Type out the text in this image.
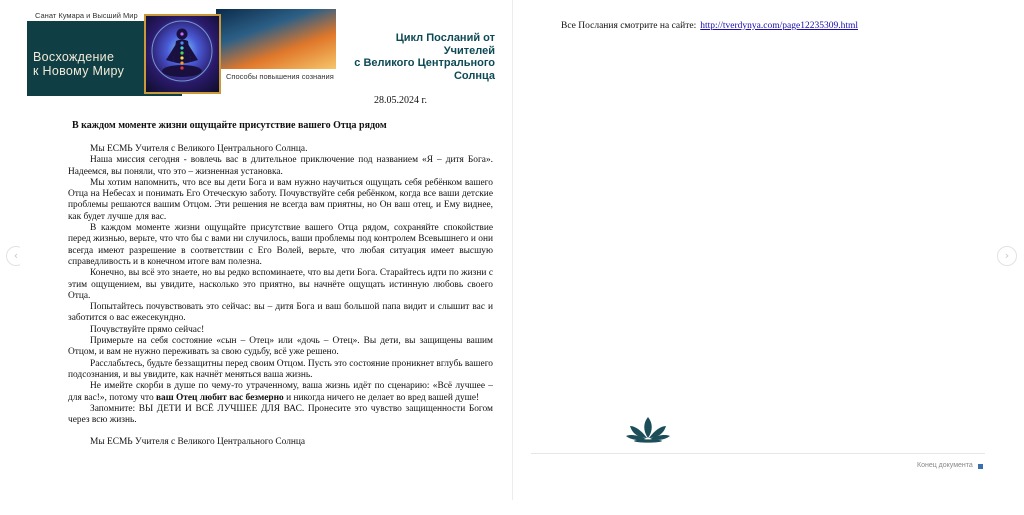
‹	›
Санат Кумара и Высший Мир
Восхождение
к Новому Миру	Способы повышения сознания
Цикл Посланий от
Учителей
с Великого Центрального
Солнца
28.05.2024 г.
В каждом моменте жизни ощущайте присутствие вашего Отца рядом

Мы ЕСМЬ Учителя с Великого Центрального Солнца.

Наша миссия сегодня - вовлечь вас в длительное приключение под названием «Я – дитя Бога». Надеемся, вы поняли, что это – жизненная установка.

Мы хотим напомнить, что все вы дети Бога и вам нужно научиться ощущать себя ребёнком вашего Отца на Небесах и понимать Его Отеческую заботу. Почувствуйте себя ребёнком, когда все ваши детские проблемы решаются вашим Отцом. Эти решения не всегда вам приятны, но Он ваш отец, и Ему виднее, как будет лучше для вас.

В каждом моменте жизни ощущайте присутствие вашего Отца рядом, сохраняйте спокойствие перед жизнью, верьте, что что бы с вами ни случилось, ваши проблемы под контролем Всевышнего и они всегда имеют разрешение в соответствии с Его Волей, верьте, что любая ситуация имеет высшую справедливость и в конечном итоге вам полезна.

Конечно, вы всё это знаете, но вы редко вспоминаете, что вы дети Бога. Старайтесь идти по жизни с этим ощущением, вы увидите, насколько это приятно, вы начнёте ощущать истинную любовь своего Отца.

Попытайтесь почувствовать это сейчас: вы – дитя Бога и ваш большой папа видит и слышит вас и заботится о вас ежесекундно.

Почувствуйте прямо сейчас!

Примерьте на себя состояние «сын – Отец» или «дочь – Отец». Вы дети, вы защищены вашим Отцом, и вам не нужно переживать за свою судьбу, всё уже решено.

Расслабьтесь, будьте беззащитны перед своим Отцом. Пусть это состояние проникнет вглубь вашего подсознания, и вы увидите, как начнёт меняться ваша жизнь.

Не имейте скорби в душе по чему-то утраченному, ваша жизнь идёт по сценарию: «Всё лучшее – для вас!», потому что ваш Отец любит вас безмерно и никогда ничего не делает во вред вашей душе!

Запомните: ВЫ ДЕТИ И ВСЁ ЛУЧШЕЕ ДЛЯ ВАС. Пронесите это чувство защищенности Богом через всю жизнь.

Мы ЕСМЬ Учителя с Великого Центрального Солнца

Все Послания смотрите на сайте: http://tverdynya.com/page12235309.html
Конец документа
